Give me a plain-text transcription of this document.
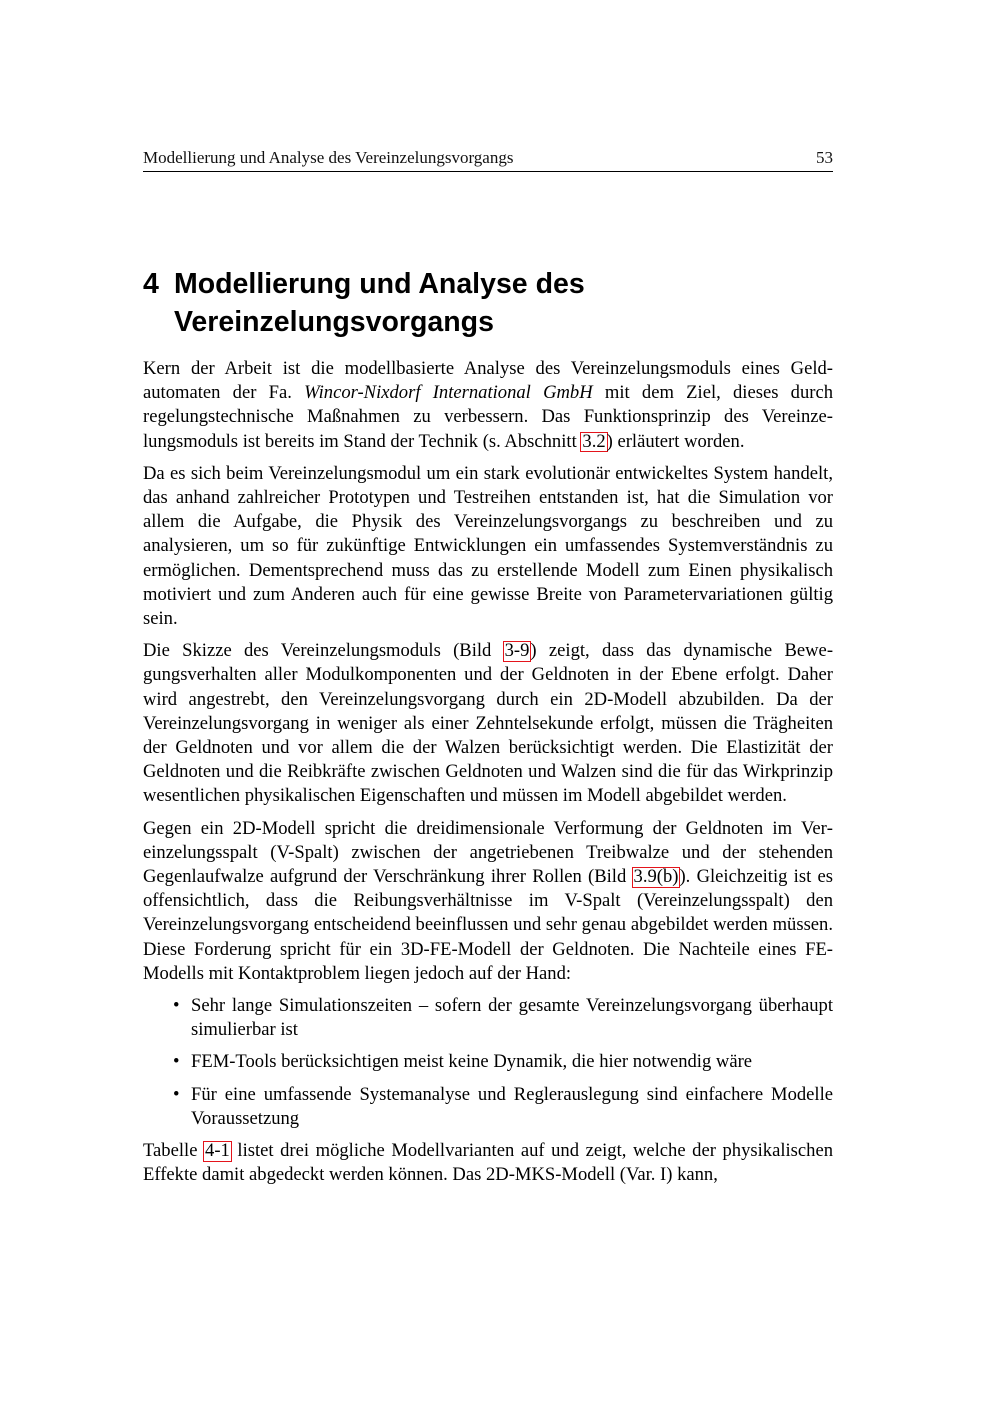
Modellierung und Analyse des Vereinzelungsvorgangs	53
4 Modellierung und Analyse des Vereinzelungsvorgangs

Kern der Arbeit ist die modellbasierte Analyse des Vereinzelungsmoduls eines Geldautomaten der Fa. Wincor-Nixdorf International GmbH mit dem Ziel, dieses durch regelungstechnische Maßnahmen zu verbessern. Das Funktionsprinzip des Vereinzelungsmoduls ist bereits im Stand der Technik (s. Abschnitt 3.2) erläutert worden.

Da es sich beim Vereinzelungsmodul um ein stark evolutionär entwickeltes System handelt, das anhand zahlreicher Prototypen und Testreihen entstanden ist, hat die Simulation vor allem die Aufgabe, die Physik des Vereinzelungsvorgangs zu beschreiben und zu analysieren, um so für zukünftige Entwicklungen ein umfassendes Systemverständnis zu ermöglichen. Dementsprechend muss das zu erstellende Modell zum Einen physikalisch motiviert und zum Anderen auch für eine gewisse Breite von Parametervariationen gültig sein.

Die Skizze des Vereinzelungsmoduls (Bild 3-9) zeigt, dass das dynamische Bewegungsverhalten aller Modulkomponenten und der Geldnoten in der Ebene erfolgt. Daher wird angestrebt, den Vereinzelungsvorgang durch ein 2D-Modell abzubilden. Da der Vereinzelungsvorgang in weniger als einer Zehntelsekunde erfolgt, müssen die Trägheiten der Geldnoten und vor allem die der Walzen berücksichtigt werden. Die Elastizität der Geldnoten und die Reibkräfte zwischen Geldnoten und Walzen sind die für das Wirkprinzip wesentlichen physikalischen Eigenschaften und müssen im Modell abgebildet werden.

Gegen ein 2D-Modell spricht die dreidimensionale Verformung der Geldnoten im Vereinzelungsspalt (V-Spalt) zwischen der angetriebenen Treibwalze und der stehenden Gegenlaufwalze aufgrund der Verschränkung ihrer Rollen (Bild 3.9(b)). Gleichzeitig ist es offensichtlich, dass die Reibungsverhältnisse im V-Spalt (Vereinzelungsspalt) den Vereinzelungsvorgang entscheidend beeinflussen und sehr genau abgebildet werden müssen. Diese Forderung spricht für ein 3D-FE-Modell der Geldnoten. Die Nachteile eines FE-Modells mit Kontaktproblem liegen jedoch auf der Hand:

• Sehr lange Simulationszeiten – sofern der gesamte Vereinzelungsvorgang überhaupt simulierbar ist
• FEM-Tools berücksichtigen meist keine Dynamik, die hier notwendig wäre
• Für eine umfassende Systemanalyse und Reglerauslegung sind einfachere Modelle Voraussetzung

Tabelle 4-1 listet drei mögliche Modellvarianten auf und zeigt, welche der physikalischen Effekte damit abgedeckt werden können. Das 2D-MKS-Modell (Var. I) kann,
